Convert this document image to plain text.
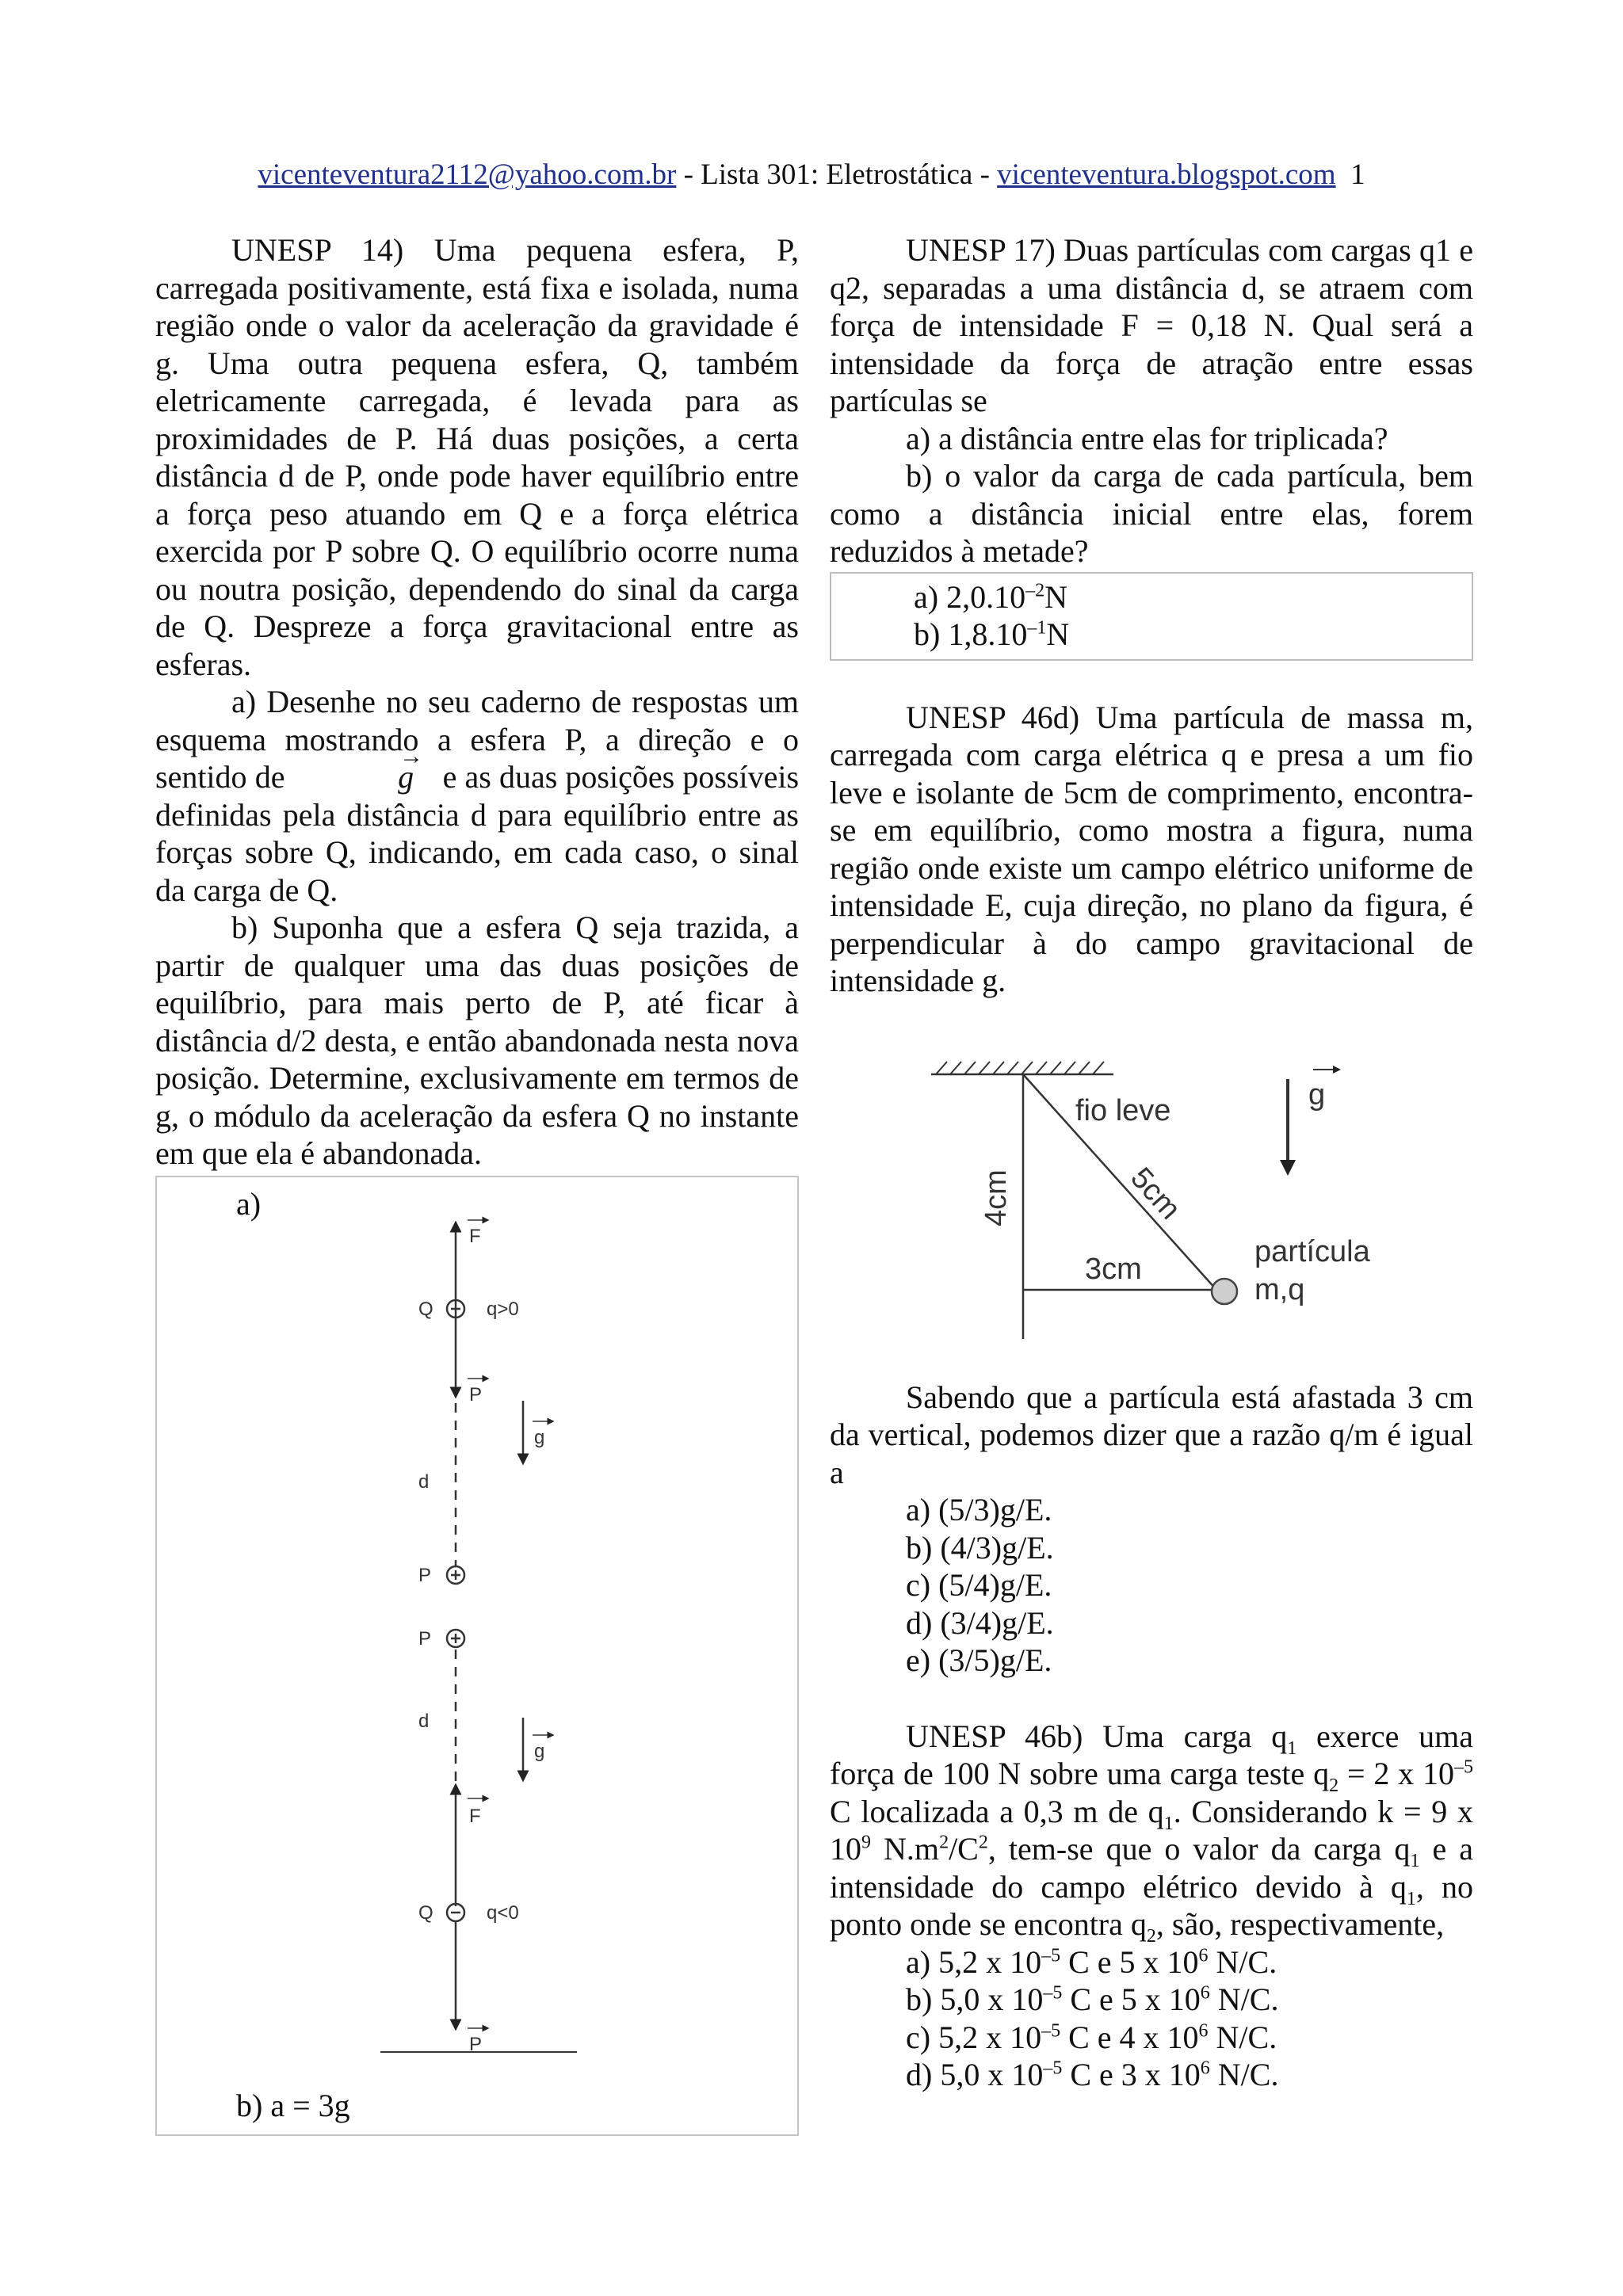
vicenteventura2112@yahoo.com.br - Lista 301: Eletrostática - vicenteventura.blogspot.com 1

UNESP 14) Uma pequena esfera, P, carregada positivamente, está fixa e isolada, numa região onde o valor da aceleração da gravidade é g. Uma outra pequena esfera, Q, também eletricamente carregada, é levada para as proximidades de P. Há duas posições, a certa distância d de P, onde pode haver equilíbrio entre a força peso atuando em Q e a força elétrica exercida por P sobre Q. O equilíbrio ocorre numa ou noutra posição, dependendo do sinal da carga de Q. Despreze a força gravitacional entre as esferas.

a) Desenhe no seu caderno de respostas um esquema mostrando a esfera P, a direção e o sentido de    →	g e as duas posições possíveis definidas pela distância d para equilíbrio entre as forças sobre Q, indicando, em cada caso, o sinal da carga de Q.

b) Suponha que a esfera Q seja trazida, a partir de qualquer uma das duas posições de equilíbrio, para mais perto de P, até ficar à distância d/2 desta, e então abandonada nesta nova posição. Determine, exclusivamente em termos de g, o módulo da aceleração da esfera Q no instante em que ela é abandonada.

a)
F
Q	q>0
P
g
d
P
P
d
g
F
Q	q<0
P
b) a = 3g

UNESP 17) Duas partículas com cargas q1 e q2, separadas a uma distância d, se atraem com força de intensidade F = 0,18 N. Qual será a intensidade da força de atração entre essas partículas se

a) a distância entre elas for triplicada?

b) o valor da carga de cada partícula, bem como a distância inicial entre elas, forem reduzidos à metade?

a) $2,0.10^{-2}N$

b) $1,8.10^{-1}N$

UNESP 46d) Uma partícula de massa m, carregada com carga elétrica q e presa a um fio leve e isolante de 5cm de comprimento, encontra-se em equilíbrio, como mostra a figura, numa região onde existe um campo elétrico uniforme de intensidade E, cuja direção, no plano da figura, é perpendicular à do campo gravitacional de intensidade g.

fio leve
5cm
4cm
3cm
partícula
m,q
g

Sabendo que a partícula está afastada 3 cm da vertical, podemos dizer que a razão q/m é igual a

a) (5/3)g/E.

b) (4/3)g/E.

c) (5/4)g/E.

d) (3/4)g/E.

e) (3/5)g/E.

UNESP 46b) Uma carga $q_1$ exerce uma força de 100 N sobre uma carga teste $q_2 = 2$ x $10^{-5}$ C localizada a 0,3 m de $q_1$. Considerando k = 9 x $10^9$ $N.m^2/C^2$, tem-se que o valor da carga $q_1$ e a intensidade do campo elétrico devido à $q_1$, no ponto onde se encontra $q_2$, são, respectivamente,

a) 5,2 x $10^{-5}$ C e 5 x $10^6$ N/C.

b) 5,0 x $10^{-5}$ C e 5 x $10^6$ N/C.

c) 5,2 x $10^{-5}$ C e 4 x $10^6$ N/C.

d) 5,0 x $10^{-5}$ C e 3 x $10^6$ N/C.
